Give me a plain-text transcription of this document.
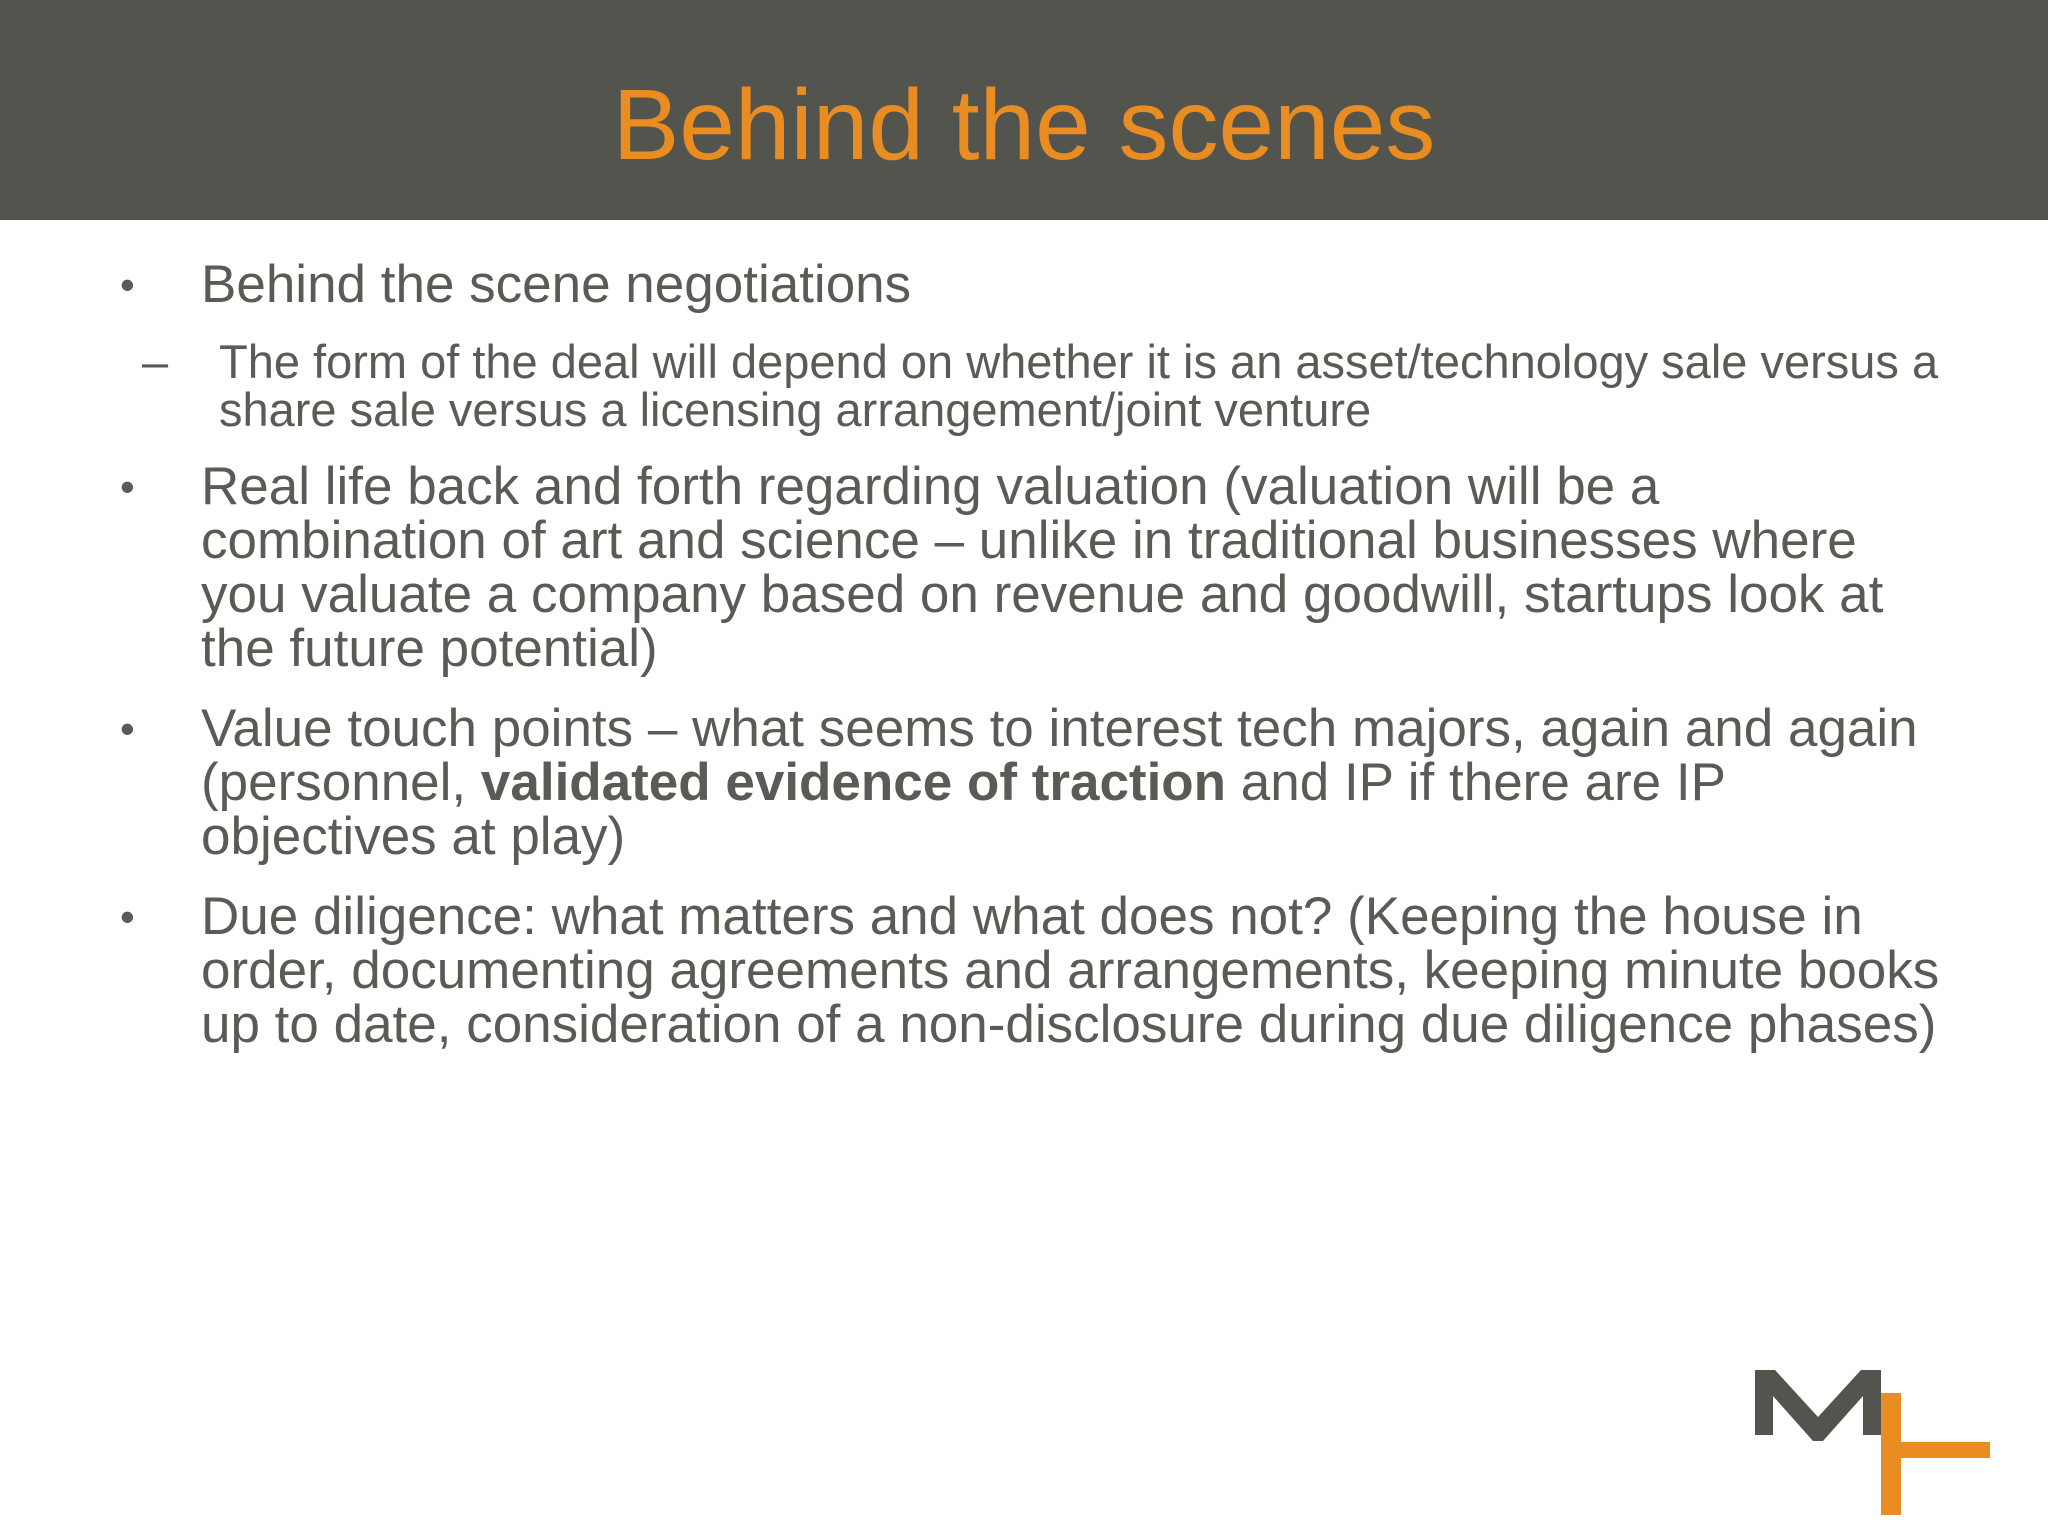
Behind the scenes
• Behind the scene negotiations
– The form of the deal will depend on whether it is an asset/technology sale versus a share sale versus a licensing arrangement/joint venture
• Real life back and forth regarding valuation (valuation will be a combination of art and science – unlike in traditional businesses where you valuate a company based on revenue and goodwill, startups look at the future potential)
• Value touch points – what seems to interest tech majors, again and again (personnel, validated evidence of traction and IP if there are IP objectives at play)
• Due diligence: what matters and what does not? (Keeping the house in order, documenting agreements and arrangements, keeping minute books up to date, consideration of a non-disclosure during due diligence phases)
